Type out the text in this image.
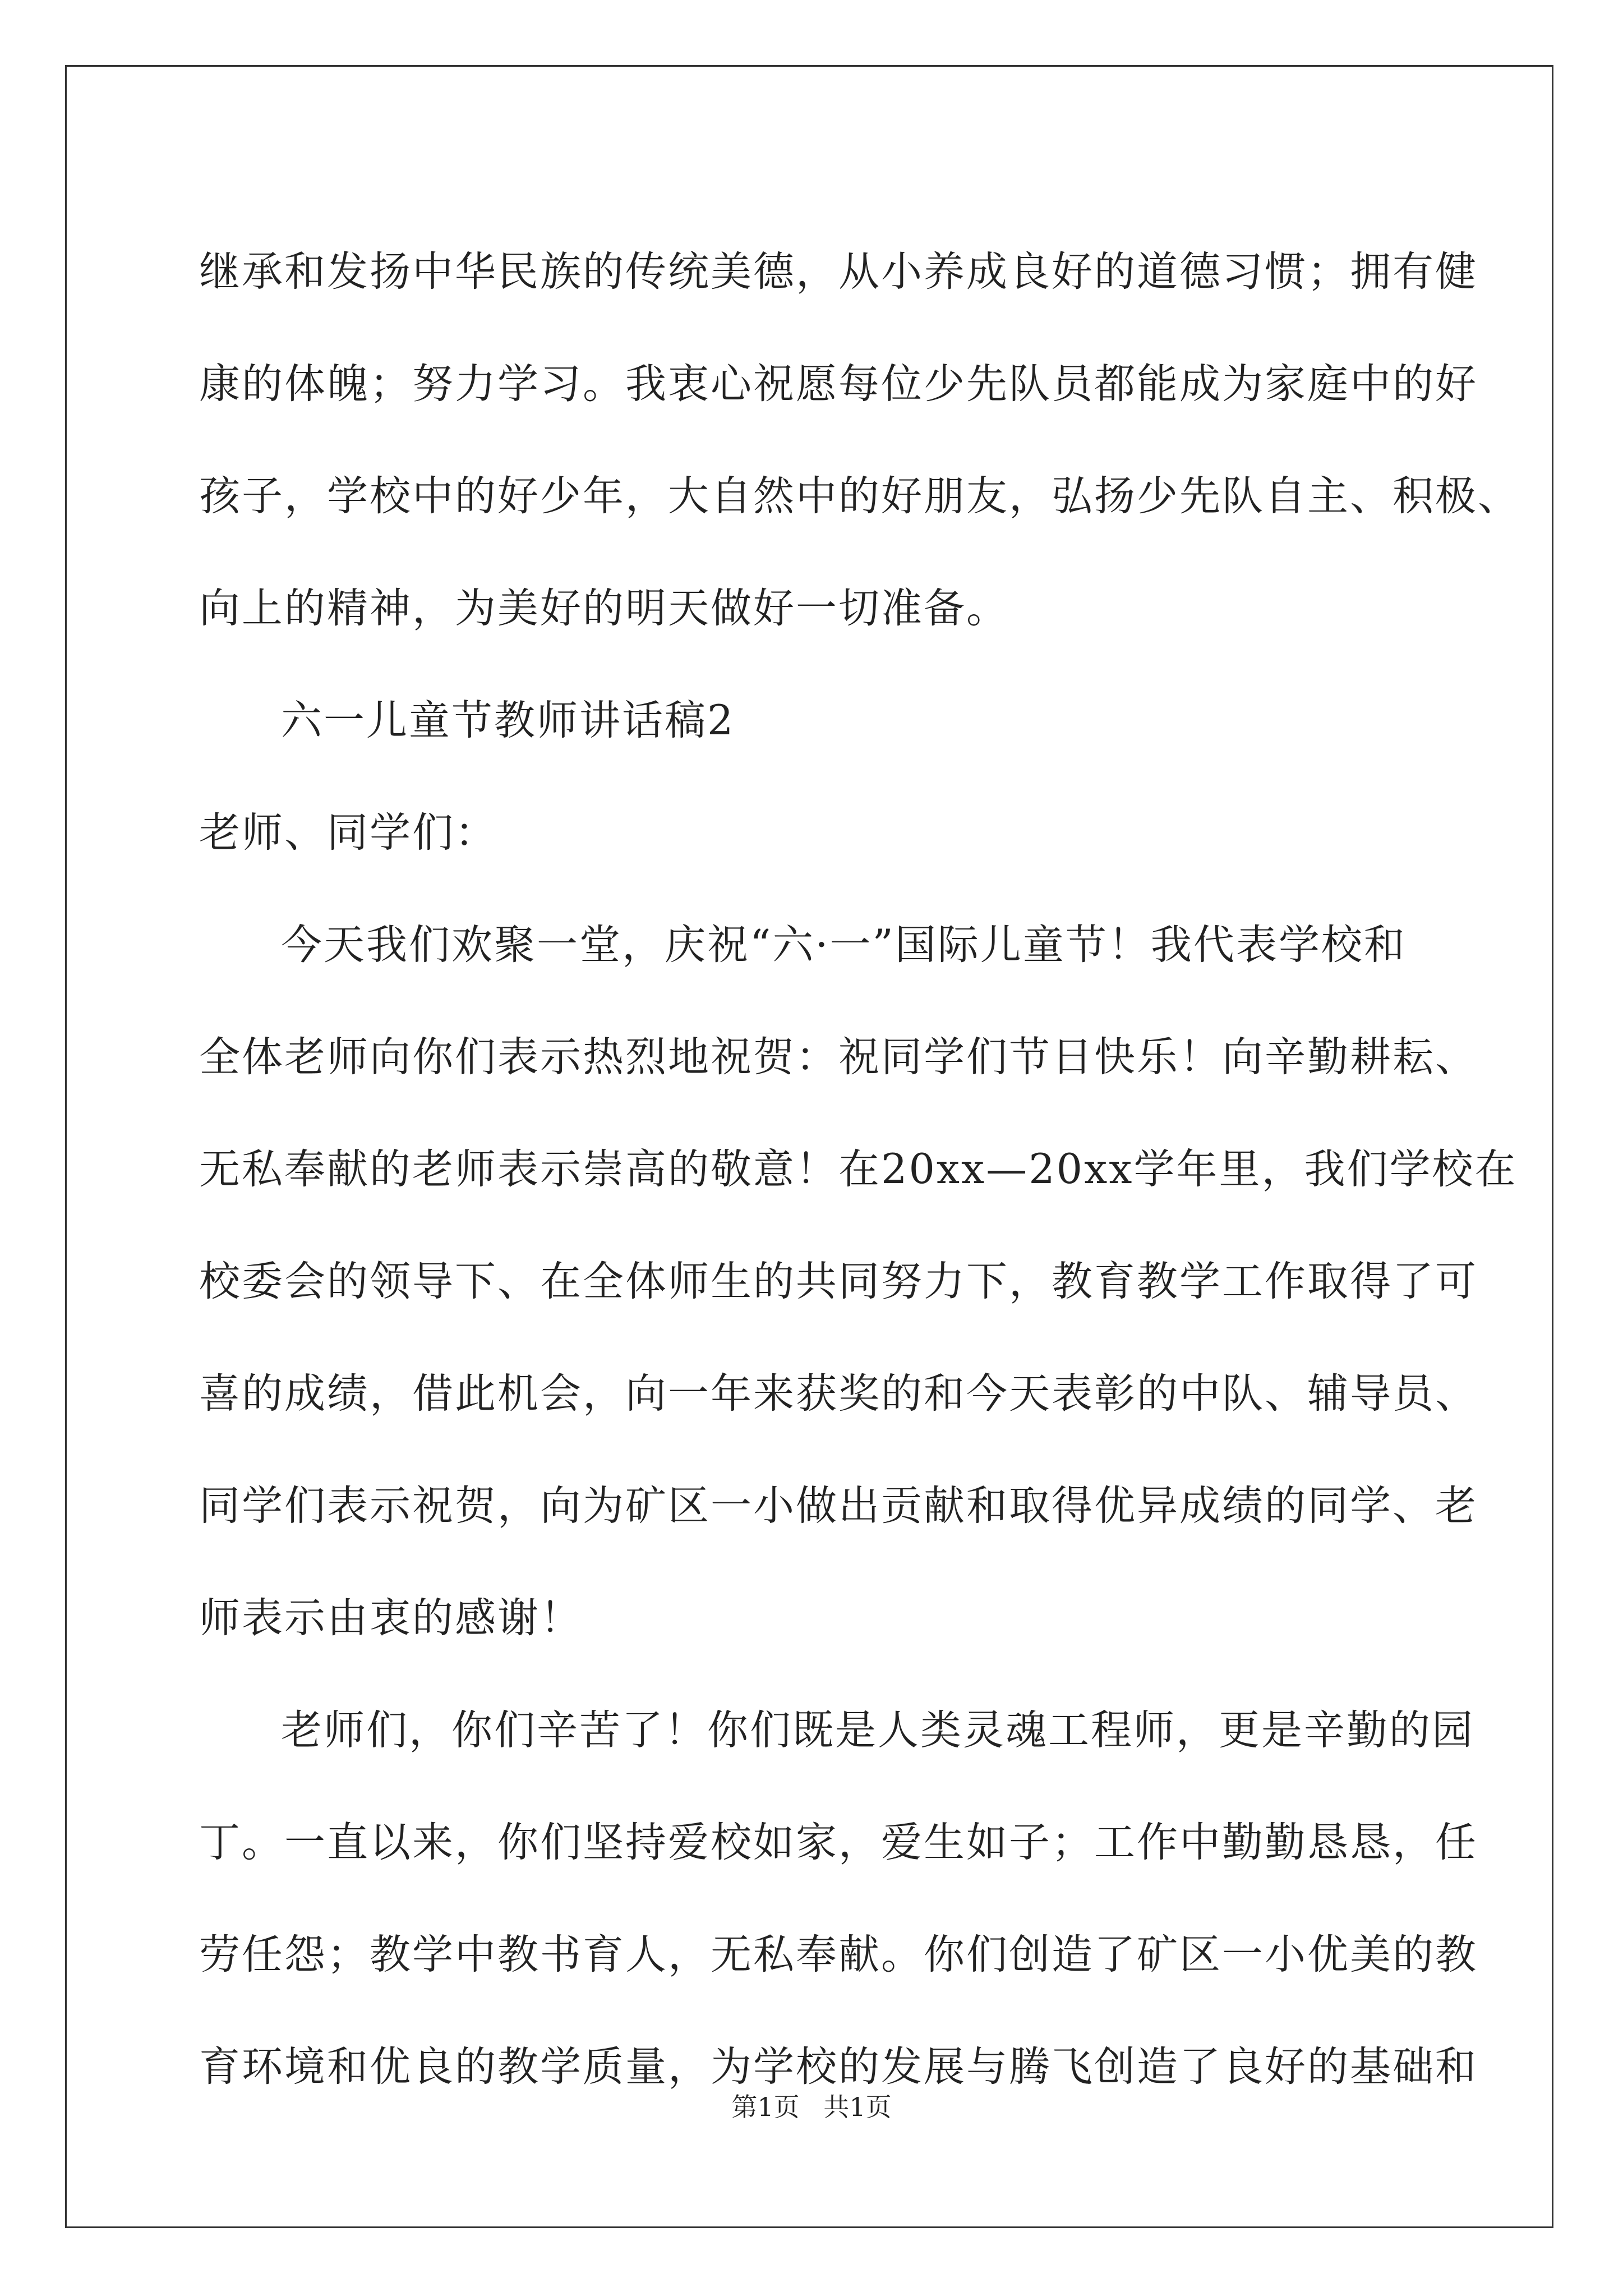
继承和发扬中华民族的传统美德，从小养成良好的道德习惯；拥有健
康的体魄；努力学习。我衷心祝愿每位少先队员都能成为家庭中的好
孩子，学校中的好少年，大自然中的好朋友，弘扬少先队自主、积极、
向上的精神，为美好的明天做好一切准备。
六一儿童节教师讲话稿2
老师、同学们：
今天我们欢聚一堂，庆祝“六·一”国际儿童节！我代表学校和
全体老师向你们表示热烈地祝贺：祝同学们节日快乐！向辛勤耕耘、
无私奉献的老师表示崇高的敬意！在20xx—20xx学年里，我们学校在
校委会的领导下、在全体师生的共同努力下，教育教学工作取得了可
喜的成绩，借此机会，向一年来获奖的和今天表彰的中队、辅导员、
同学们表示祝贺，向为矿区一小做出贡献和取得优异成绩的同学、老
师表示由衷的感谢！
老师们，你们辛苦了！你们既是人类灵魂工程师，更是辛勤的园
丁。一直以来，你们坚持爱校如家，爱生如子；工作中勤勤恳恳，任
劳任怨；教学中教书育人，无私奉献。你们创造了矿区一小优美的教
育环境和优良的教学质量，为学校的发展与腾飞创造了良好的基础和
第1页 共1页
